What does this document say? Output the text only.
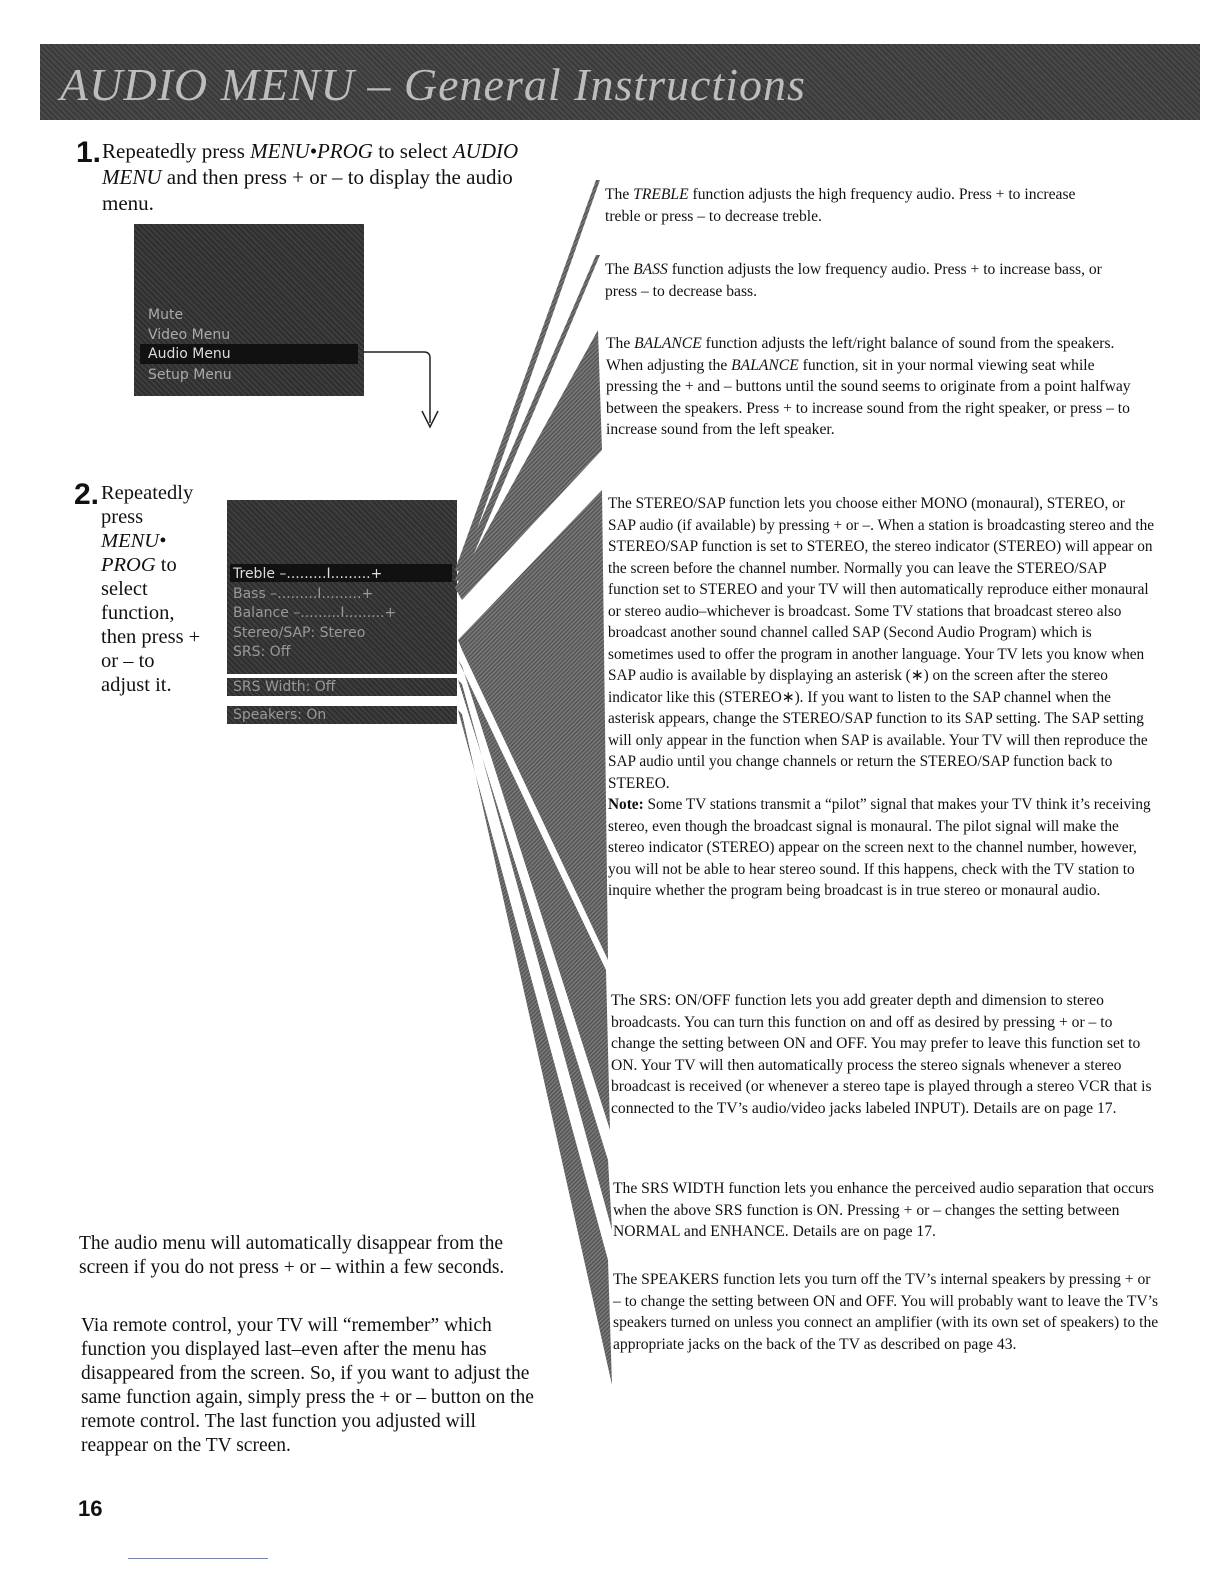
AUDIO MENU – General Instructions
1. Repeatedly press MENU•PROG to select AUDIO MENU and then press + or – to display the audio menu.
Mute
Video Menu
Audio Menu
Setup Menu
2. Repeatedly press MENU• PROG to select function, then press + or – to adjust it.
Treble –.........I.........+
Bass –.........I.........+
Balance –.........I.........+
Stereo/SAP: Stereo
SRS: Off
SRS Width: Off
Speakers: On
The TREBLE function adjusts the high frequency audio. Press + to increase treble or press – to decrease treble.
The BASS function adjusts the low frequency audio. Press + to increase bass, or press – to decrease bass.
The BALANCE function adjusts the left/right balance of sound from the speakers. When adjusting the BALANCE function, sit in your normal viewing seat while pressing the + and – buttons until the sound seems to originate from a point halfway between the speakers. Press + to increase sound from the right speaker, or press – to increase sound from the left speaker.
The STEREO/SAP function lets you choose either MONO (monaural), STEREO, or SAP audio (if available) by pressing + or –. When a station is broadcasting stereo and the STEREO/SAP function is set to STEREO, the stereo indicator (STEREO) will appear on the screen before the channel number. Normally you can leave the STEREO/SAP function set to STEREO and your TV will then automatically reproduce either monaural or stereo audio–whichever is broadcast. Some TV stations that broadcast stereo also broadcast another sound channel called SAP (Second Audio Program) which is sometimes used to offer the program in another language. Your TV lets you know when SAP audio is available by displaying an asterisk (∗) on the screen after the stereo indicator like this (STEREO∗). If you want to listen to the SAP channel when the asterisk appears, change the STEREO/SAP function to its SAP setting. The SAP setting will only appear in the function when SAP is available. Your TV will then reproduce the SAP audio until you change channels or return the STEREO/SAP function back to STEREO.
Note: Some TV stations transmit a “pilot” signal that makes your TV think it’s receiving stereo, even though the broadcast signal is monaural. The pilot signal will make the stereo indicator (STEREO) appear on the screen next to the channel number, however, you will not be able to hear stereo sound. If this happens, check with the TV station to inquire whether the program being broadcast is in true stereo or monaural audio.
The SRS: ON/OFF function lets you add greater depth and dimension to stereo broadcasts. You can turn this function on and off as desired by pressing + or – to change the setting between ON and OFF. You may prefer to leave this function set to ON. Your TV will then automatically process the stereo signals whenever a stereo broadcast is received (or whenever a stereo tape is played through a stereo VCR that is connected to the TV’s audio/video jacks labeled INPUT). Details are on page 17.
The SRS WIDTH function lets you enhance the perceived audio separation that occurs when the above SRS function is ON. Pressing + or – changes the setting between NORMAL and ENHANCE. Details are on page 17.
The SPEAKERS function lets you turn off the TV’s internal speakers by pressing + or – to change the setting between ON and OFF. You will probably want to leave the TV’s speakers turned on unless you connect an amplifier (with its own set of speakers) to the appropriate jacks on the back of the TV as described on page 43.
The audio menu will automatically disappear from the screen if you do not press + or – within a few seconds.
Via remote control, your TV will “remember” which function you displayed last–even after the menu has disappeared from the screen. So, if you want to adjust the same function again, simply press the + or – button on the remote control. The last function you adjusted will reappear on the TV screen.
16
